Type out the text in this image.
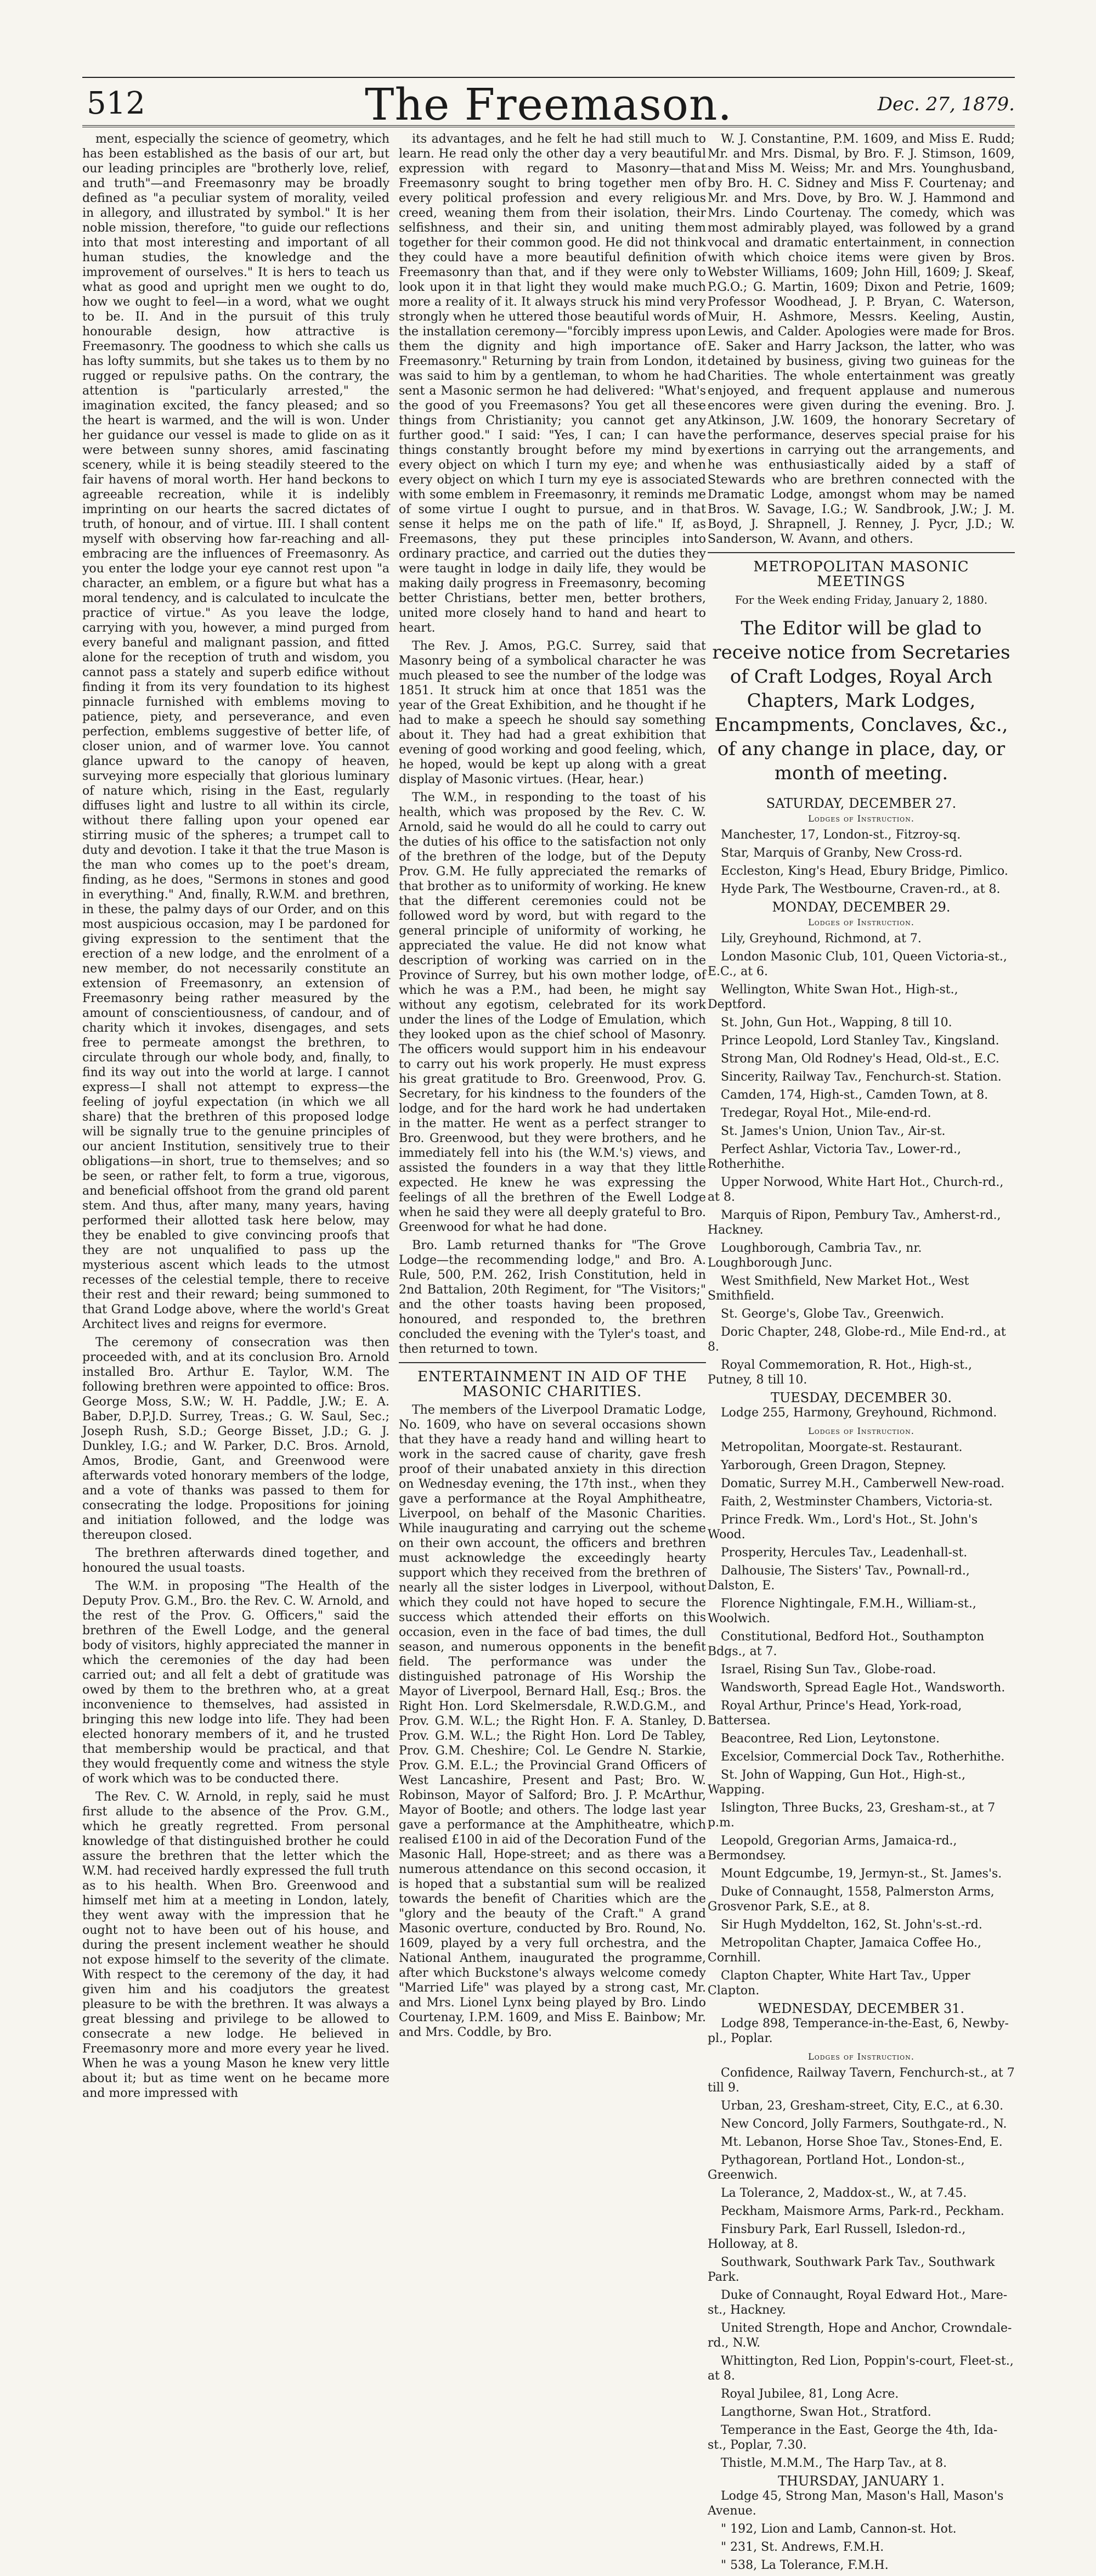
512	The Freemason.	Dec. 27, 1879.

ment, especially the science of geometry, which has been established as the basis of our art, but our leading principles are "brotherly love, relief, and truth"—and Freemasonry may be broadly defined as "a peculiar system of morality, veiled in allegory, and illustrated by symbol." It is her noble mission, therefore, "to guide our reflections into that most interesting and important of all human studies, the knowledge and the improvement of ourselves." It is hers to teach us what as good and upright men we ought to do, how we ought to feel—in a word, what we ought to be. II. And in the pursuit of this truly honourable design, how attractive is Freemasonry. The goodness to which she calls us has lofty summits, but she takes us to them by no rugged or repulsive paths. On the contrary, the attention is "particularly arrested," the imagination excited, the fancy pleased; and so the heart is warmed, and the will is won. Under her guidance our vessel is made to glide on as it were between sunny shores, amid fascinating scenery, while it is being steadily steered to the fair havens of moral worth. Her hand beckons to agreeable recreation, while it is indelibly imprinting on our hearts the sacred dictates of truth, of honour, and of virtue. III. I shall content myself with observing how far-reaching and all-embracing are the influences of Freemasonry. As you enter the lodge your eye cannot rest upon "a character, an emblem, or a figure but what has a moral tendency, and is calculated to inculcate the practice of virtue." As you leave the lodge, carrying with you, however, a mind purged from every baneful and malignant passion, and fitted alone for the reception of truth and wisdom, you cannot pass a stately and superb edifice without finding it from its very foundation to its highest pinnacle furnished with emblems moving to patience, piety, and perseverance, and even perfection, emblems suggestive of better life, of closer union, and of warmer love. You cannot glance upward to the canopy of heaven, surveying more especially that glorious luminary of nature which, rising in the East, regularly diffuses light and lustre to all within its circle, without there falling upon your opened ear stirring music of the spheres; a trumpet call to duty and devotion. I take it that the true Mason is the man who comes up to the poet's dream, finding, as he does, "Sermons in stones and good in everything." And, finally, R.W.M. and brethren, in these, the palmy days of our Order, and on this most auspicious occasion, may I be pardoned for giving expression to the sentiment that the erection of a new lodge, and the enrolment of a new member, do not necessarily constitute an extension of Freemasonry, an extension of Freemasonry being rather measured by the amount of conscientiousness, of candour, and of charity which it invokes, disengages, and sets free to permeate amongst the brethren, to circulate through our whole body, and, finally, to find its way out into the world at large. I cannot express—I shall not attempt to express—the feeling of joyful expectation (in which we all share) that the brethren of this proposed lodge will be signally true to the genuine principles of our ancient Institution, sensitively true to their obligations—in short, true to themselves; and so be seen, or rather felt, to form a true, vigorous, and beneficial offshoot from the grand old parent stem. And thus, after many, many years, having performed their allotted task here below, may they be enabled to give convincing proofs that they are not unqualified to pass up the mysterious ascent which leads to the utmost recesses of the celestial temple, there to receive their rest and their reward; being summoned to that Grand Lodge above, where the world's Great Architect lives and reigns for evermore.

The ceremony of consecration was then proceeded with, and at its conclusion Bro. Arnold installed Bro. Arthur E. Taylor, W.M. The following brethren were appointed to office: Bros. George Moss, S.W.; W. H. Paddle, J.W.; E. A. Baber, D.P.J.D. Surrey, Treas.; G. W. Saul, Sec.; Joseph Rush, S.D.; George Bisset, J.D.; G. J. Dunkley, I.G.; and W. Parker, D.C. Bros. Arnold, Amos, Brodie, Gant, and Greenwood were afterwards voted honorary members of the lodge, and a vote of thanks was passed to them for consecrating the lodge. Propositions for joining and initiation followed, and the lodge was thereupon closed.

The brethren afterwards dined together, and honoured the usual toasts.

The W.M. in proposing "The Health of the Deputy Prov. G.M., Bro. the Rev. C. W. Arnold, and the rest of the Prov. G. Officers," said the brethren of the Ewell Lodge, and the general body of visitors, highly appreciated the manner in which the ceremonies of the day had been carried out; and all felt a debt of gratitude was owed by them to the brethren who, at a great inconvenience to themselves, had assisted in bringing this new lodge into life. They had been elected honorary members of it, and he trusted that membership would be practical, and that they would frequently come and witness the style of work which was to be conducted there.

The Rev. C. W. Arnold, in reply, said he must first allude to the absence of the Prov. G.M., which he greatly regretted. From personal knowledge of that distinguished brother he could assure the brethren that the letter which the W.M. had received hardly expressed the full truth as to his health. When Bro. Greenwood and himself met him at a meeting in London, lately, they went away with the impression that he ought not to have been out of his house, and during the present inclement weather he should not expose himself to the severity of the climate. With respect to the ceremony of the day, it had given him and his coadjutors the greatest pleasure to be with the brethren. It was always a great blessing and privilege to be allowed to consecrate a new lodge. He believed in Freemasonry more and more every year he lived. When he was a young Mason he knew very little about it; but as time went on he became more and more impressed with

its advantages, and he felt he had still much to learn. He read only the other day a very beautiful expression with regard to Masonry—that Freemasonry sought to bring together men of every political profession and every religious creed, weaning them from their isolation, their selfishness, and their sin, and uniting them together for their common good. He did not think they could have a more beautiful definition of Freemasonry than that, and if they were only to look upon it in that light they would make much more a reality of it. It always struck his mind very strongly when he uttered those beautiful words of the installation ceremony—"forcibly impress upon them the dignity and high importance of Freemasonry." Returning by train from London, it was said to him by a gentleman, to whom he had sent a Masonic sermon he had delivered: "What's the good of you Freemasons? You get all these things from Christianity; you cannot get any further good." I said: "Yes, I can; I can have things constantly brought before my mind by every object on which I turn my eye; and when every object on which I turn my eye is associated with some emblem in Freemasonry, it reminds me of some virtue I ought to pursue, and in that sense it helps me on the path of life." If, as Freemasons, they put these principles into ordinary practice, and carried out the duties they were taught in lodge in daily life, they would be making daily progress in Freemasonry, becoming better Christians, better men, better brothers, united more closely hand to hand and heart to heart.

The Rev. J. Amos, P.G.C. Surrey, said that Masonry being of a symbolical character he was much pleased to see the number of the lodge was 1851. It struck him at once that 1851 was the year of the Great Exhibition, and he thought if he had to make a speech he should say something about it. They had had a great exhibition that evening of good working and good feeling, which, he hoped, would be kept up along with a great display of Masonic virtues. (Hear, hear.)

The W.M., in responding to the toast of his health, which was proposed by the Rev. C. W. Arnold, said he would do all he could to carry out the duties of his office to the satisfaction not only of the brethren of the lodge, but of the Deputy Prov. G.M. He fully appreciated the remarks of that brother as to uniformity of working. He knew that the different ceremonies could not be followed word by word, but with regard to the general principle of uniformity of working, he appreciated the value. He did not know what description of working was carried on in the Province of Surrey, but his own mother lodge, of which he was a P.M., had been, he might say without any egotism, celebrated for its work under the lines of the Lodge of Emulation, which they looked upon as the chief school of Masonry. The officers would support him in his endeavour to carry out his work properly. He must express his great gratitude to Bro. Greenwood, Prov. G. Secretary, for his kindness to the founders of the lodge, and for the hard work he had undertaken in the matter. He went as a perfect stranger to Bro. Greenwood, but they were brothers, and he immediately fell into his (the W.M.'s) views, and assisted the founders in a way that they little expected. He knew he was expressing the feelings of all the brethren of the Ewell Lodge when he said they were all deeply grateful to Bro. Greenwood for what he had done.

Bro. Lamb returned thanks for "The Grove Lodge—the recommending lodge," and Bro. A. Rule, 500, P.M. 262, Irish Constitution, held in 2nd Battalion, 20th Regiment, for "The Visitors;" and the other toasts having been proposed, honoured, and responded to, the brethren concluded the evening with the Tyler's toast, and then returned to town.

ENTERTAINMENT IN AID OF THE MASONIC CHARITIES.

The members of the Liverpool Dramatic Lodge, No. 1609, who have on several occasions shown that they have a ready hand and willing heart to work in the sacred cause of charity, gave fresh proof of their unabated anxiety in this direction on Wednesday evening, the 17th inst., when they gave a performance at the Royal Amphitheatre, Liverpool, on behalf of the Masonic Charities. While inaugurating and carrying out the scheme on their own account, the officers and brethren must acknowledge the exceedingly hearty support which they received from the brethren of nearly all the sister lodges in Liverpool, without which they could not have hoped to secure the success which attended their efforts on this occasion, even in the face of bad times, the dull season, and numerous opponents in the benefit field. The performance was under the distinguished patronage of His Worship the Mayor of Liverpool, Bernard Hall, Esq.; Bros. the Right Hon. Lord Skelmersdale, R.W.D.G.M., and Prov. G.M. W.L.; the Right Hon. F. A. Stanley, D. Prov. G.M. W.L.; the Right Hon. Lord De Tabley, Prov. G.M. Cheshire; Col. Le Gendre N. Starkie, Prov. G.M. E.L.; the Provincial Grand Officers of West Lancashire, Present and Past; Bro. W. Robinson, Mayor of Salford; Bro. J. P. McArthur, Mayor of Bootle; and others. The lodge last year gave a performance at the Amphitheatre, which realised £100 in aid of the Decoration Fund of the Masonic Hall, Hope-street; and as there was a numerous attendance on this second occasion, it is hoped that a substantial sum will be realized towards the benefit of Charities which are the "glory and the beauty of the Craft." A grand Masonic overture, conducted by Bro. Round, No. 1609, played by a very full orchestra, and the National Anthem, inaugurated the programme, after which Buckstone's always welcome comedy "Married Life" was played by a strong cast, Mr. and Mrs. Lionel Lynx being played by Bro. Lindo Courtenay, I.P.M. 1609, and Miss E. Bainbow; Mr. and Mrs. Coddle, by Bro.

W. J. Constantine, P.M. 1609, and Miss E. Rudd; Mr. and Mrs. Dismal, by Bro. F. J. Stimson, 1609, and Miss M. Weiss; Mr. and Mrs. Younghusband, by Bro. H. C. Sidney and Miss F. Courtenay; and Mr. and Mrs. Dove, by Bro. W. J. Hammond and Mrs. Lindo Courtenay. The comedy, which was most admirably played, was followed by a grand vocal and dramatic entertainment, in connection with which choice items were given by Bros. Webster Williams, 1609; John Hill, 1609; J. Skeaf, P.G.O.; G. Martin, 1609; Dixon and Petrie, 1609; Professor Woodhead, J. P. Bryan, C. Waterson, Muir, H. Ashmore, Messrs. Keeling, Austin, Lewis, and Calder. Apologies were made for Bros. E. Saker and Harry Jackson, the latter, who was detained by business, giving two guineas for the Charities. The whole entertainment was greatly enjoyed, and frequent applause and numerous encores were given during the evening. Bro. J. Atkinson, J.W. 1609, the honorary Secretary of the performance, deserves special praise for his exertions in carrying out the arrangements, and he was enthusiastically aided by a staff of Stewards who are brethren connected with the Dramatic Lodge, amongst whom may be named Bros. W. Savage, I.G.; W. Sandbrook, J.W.; J. M. Boyd, J. Shrapnell, J. Renney, J. Pycr, J.D.; W. Sanderson, W. Avann, and others.

METROPOLITAN MASONIC MEETINGS
For the Week ending Friday, January 2, 1880.
The Editor will be glad to receive notice from Secretaries of Craft Lodges, Royal Arch Chapters, Mark Lodges, Encampments, Conclaves, &c., of any change in place, day, or month of meeting.
SATURDAY, DECEMBER 27.
Lodges of Instruction.

Manchester, 17, London-st., Fitzroy-sq.

Star, Marquis of Granby, New Cross-rd.

Eccleston, King's Head, Ebury Bridge, Pimlico.

Hyde Park, The Westbourne, Craven-rd., at 8.

MONDAY, DECEMBER 29.
Lodges of Instruction.

Lily, Greyhound, Richmond, at 7.

London Masonic Club, 101, Queen Victoria-st., E.C., at 6.

Wellington, White Swan Hot., High-st., Deptford.

St. John, Gun Hot., Wapping, 8 till 10.

Prince Leopold, Lord Stanley Tav., Kingsland.

Strong Man, Old Rodney's Head, Old-st., E.C.

Sincerity, Railway Tav., Fenchurch-st. Station.

Camden, 174, High-st., Camden Town, at 8.

Tredegar, Royal Hot., Mile-end-rd.

St. James's Union, Union Tav., Air-st.

Perfect Ashlar, Victoria Tav., Lower-rd., Rotherhithe.

Upper Norwood, White Hart Hot., Church-rd., at 8.

Marquis of Ripon, Pembury Tav., Amherst-rd., Hackney.

Loughborough, Cambria Tav., nr. Loughborough Junc.

West Smithfield, New Market Hot., West Smithfield.

St. George's, Globe Tav., Greenwich.

Doric Chapter, 248, Globe-rd., Mile End-rd., at 8.

Royal Commemoration, R. Hot., High-st., Putney, 8 till 10.

TUESDAY, DECEMBER 30.

Lodge 255, Harmony, Greyhound, Richmond.

Lodges of Instruction.

Metropolitan, Moorgate-st. Restaurant.

Yarborough, Green Dragon, Stepney.

Domatic, Surrey M.H., Camberwell New-road.

Faith, 2, Westminster Chambers, Victoria-st.

Prince Fredk. Wm., Lord's Hot., St. John's Wood.

Prosperity, Hercules Tav., Leadenhall-st.

Dalhousie, The Sisters' Tav., Pownall-rd., Dalston, E.

Florence Nightingale, F.M.H., William-st., Woolwich.

Constitutional, Bedford Hot., Southampton Bdgs., at 7.

Israel, Rising Sun Tav., Globe-road.

Wandsworth, Spread Eagle Hot., Wandsworth.

Royal Arthur, Prince's Head, York-road, Battersea.

Beacontree, Red Lion, Leytonstone.

Excelsior, Commercial Dock Tav., Rotherhithe.

St. John of Wapping, Gun Hot., High-st., Wapping.

Islington, Three Bucks, 23, Gresham-st., at 7 p.m.

Leopold, Gregorian Arms, Jamaica-rd., Bermondsey.

Mount Edgcumbe, 19, Jermyn-st., St. James's.

Duke of Connaught, 1558, Palmerston Arms, Grosvenor Park, S.E., at 8.

Sir Hugh Myddelton, 162, St. John's-st.-rd.

Metropolitan Chapter, Jamaica Coffee Ho., Cornhill.

Clapton Chapter, White Hart Tav., Upper Clapton.

WEDNESDAY, DECEMBER 31.

Lodge 898, Temperance-in-the-East, 6, Newby-pl., Poplar.

Lodges of Instruction.

Confidence, Railway Tavern, Fenchurch-st., at 7 till 9.

Urban, 23, Gresham-street, City, E.C., at 6.30.

New Concord, Jolly Farmers, Southgate-rd., N.

Mt. Lebanon, Horse Shoe Tav., Stones-End, E.

Pythagorean, Portland Hot., London-st., Greenwich.

La Tolerance, 2, Maddox-st., W., at 7.45.

Peckham, Maismore Arms, Park-rd., Peckham.

Finsbury Park, Earl Russell, Isledon-rd., Holloway, at 8.

Southwark, Southwark Park Tav., Southwark Park.

Duke of Connaught, Royal Edward Hot., Mare-st., Hackney.

United Strength, Hope and Anchor, Crowndale-rd., N.W.

Whittington, Red Lion, Poppin's-court, Fleet-st., at 8.

Royal Jubilee, 81, Long Acre.

Langthorne, Swan Hot., Stratford.

Temperance in the East, George the 4th, Ida-st., Poplar, 7.30.

Thistle, M.M.M., The Harp Tav., at 8.

THURSDAY, JANUARY 1.

Lodge 45, Strong Man, Mason's Hall, Mason's Avenue.

" 192, Lion and Lamb, Cannon-st. Hot.

" 231, St. Andrews, F.M.H.

" 538, La Tolerance, F.M.H.
